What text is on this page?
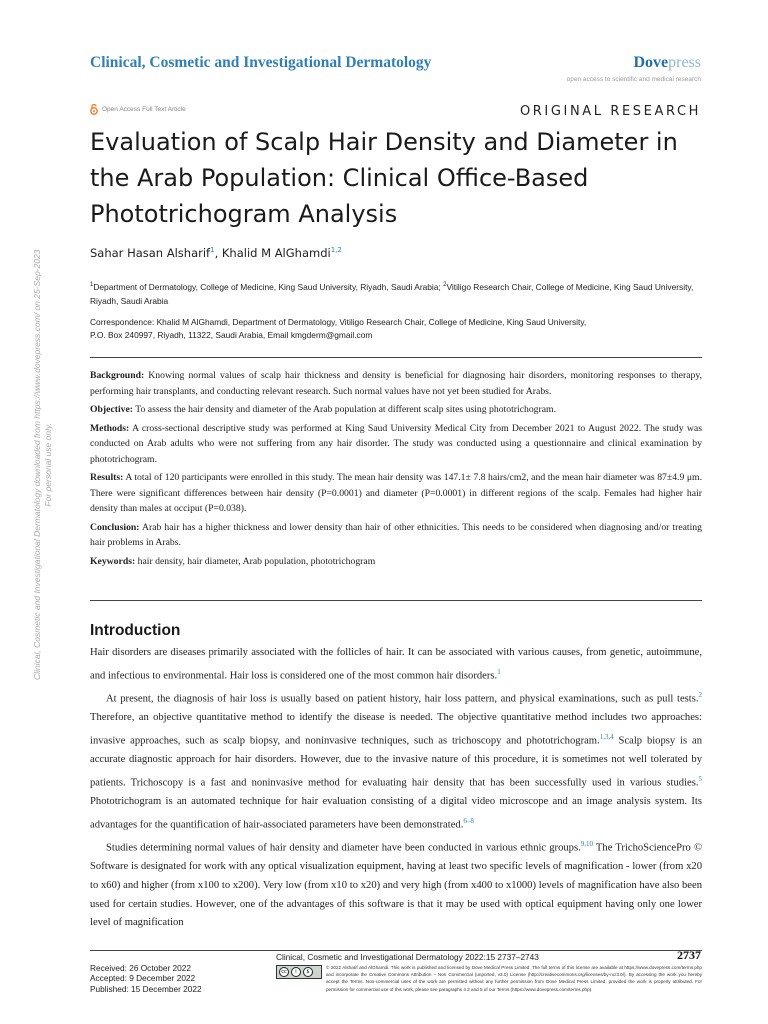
Clinical, Cosmetic and Investigational Dermatology	Dovepress
open access to scientific and medical research
Open Access Full Text Article	ORIGINAL RESEARCH
Evaluation of Scalp Hair Density and Diameter in the Arab Population: Clinical Office-Based Phototrichogram Analysis
Sahar Hasan Alsharif$^1$, Khalid M AlGhamdi$^{1,2}$
$^1$Department of Dermatology, College of Medicine, King Saud University, Riyadh, Saudi Arabia; $^2$Vitiligo Research Chair, College of Medicine, King Saud University, Riyadh, Saudi Arabia
Correspondence: Khalid M AlGhamdi, Department of Dermatology, Vitiligo Research Chair, College of Medicine, King Saud University,
P.O. Box 240997, Riyadh, 11322, Saudi Arabia, Email kmgderm@gmail.com

Background: Knowing normal values of scalp hair thickness and density is beneficial for diagnosing hair disorders, monitoring responses to therapy, performing hair transplants, and conducting relevant research. Such normal values have not yet been studied for Arabs.

Objective: To assess the hair density and diameter of the Arab population at different scalp sites using phototrichogram.

Methods: A cross-sectional descriptive study was performed at King Saud University Medical City from December 2021 to August 2022. The study was conducted on Arab adults who were not suffering from any hair disorder. The study was conducted using a questionnaire and clinical examination by phototrichogram.

Results: A total of 120 participants were enrolled in this study. The mean hair density was 147.1± 7.8 hairs/cm2, and the mean hair diameter was 87±4.9 μm. There were significant differences between hair density (P=0.0001) and diameter (P=0.0001) in different regions of the scalp. Females had higher hair density than males at occiput (P=0.038).

Conclusion: Arab hair has a higher thickness and lower density than hair of other ethnicities. This needs to be considered when diagnosing and/or treating hair problems in Arabs.

Keywords: hair density, hair diameter, Arab population, phototrichogram

Introduction

Hair disorders are diseases primarily associated with the follicles of hair. It can be associated with various causes, from genetic, autoimmune, and infectious to environmental. Hair loss is considered one of the most common hair disorders.$^1$

At present, the diagnosis of hair loss is usually based on patient history, hair loss pattern, and physical examinations, such as pull tests.$^2$ Therefore, an objective quantitative method to identify the disease is needed. The objective quantitative method includes two approaches: invasive approaches, such as scalp biopsy, and noninvasive techniques, such as trichoscopy and phototrichogram.$^{1,3,4}$ Scalp biopsy is an accurate diagnostic approach for hair disorders. However, due to the invasive nature of this procedure, it is sometimes not well tolerated by patients. Trichoscopy is a fast and noninvasive method for evaluating hair density that has been successfully used in various studies.$^5$ Phototrichogram is an automated technique for hair evaluation consisting of a digital video microscope and an image analysis system. Its advantages for the quantification of hair-associated parameters have been demonstrated.$^{6-8}$

Studies determining normal values of hair density and diameter have been conducted in various ethnic groups.$^{9,10}$ The TrichoSciencePro © Software is designated for work with any optical visualization equipment, having at least two specific levels of magnification - lower (from x20 to x60) and higher (from x100 to x200). Very low (from x10 to x20) and very high (from x400 to x1000) levels of magnification have also been used for certain studies. However, one of the advantages of this software is that it may be used with optical equipment having only one lower level of magnification

Clinical, Cosmetic and Investigational Dermatology downloaded from https://www.dovepress.com/ on 25-Sep-2023 For personal use only.
Received: 26 October 2022
Accepted: 9 December 2022
Published: 15 December 2022
Clinical, Cosmetic and Investigational Dermatology 2022:15 2737–2743	2737
cc	i	$
© 2022 Alsharif and AlGhamdi. This work is published and licensed by Dove Medical Press Limited. The full terms of this license are available at https://www.dovepress.com/terms.php and incorporate the Creative Commons Attribution – Non Commercial (unported, v3.0) License (http://creativecommons.org/licenses/by-nc/3.0/). By accessing the work you hereby accept the Terms. Non-commercial uses of the work are permitted without any further permission from Dove Medical Press Limited, provided the work is properly attributed. For permission for commercial use of this work, please see paragraphs 4.2 and 5 of our Terms (https://www.dovepress.com/terms.php).
